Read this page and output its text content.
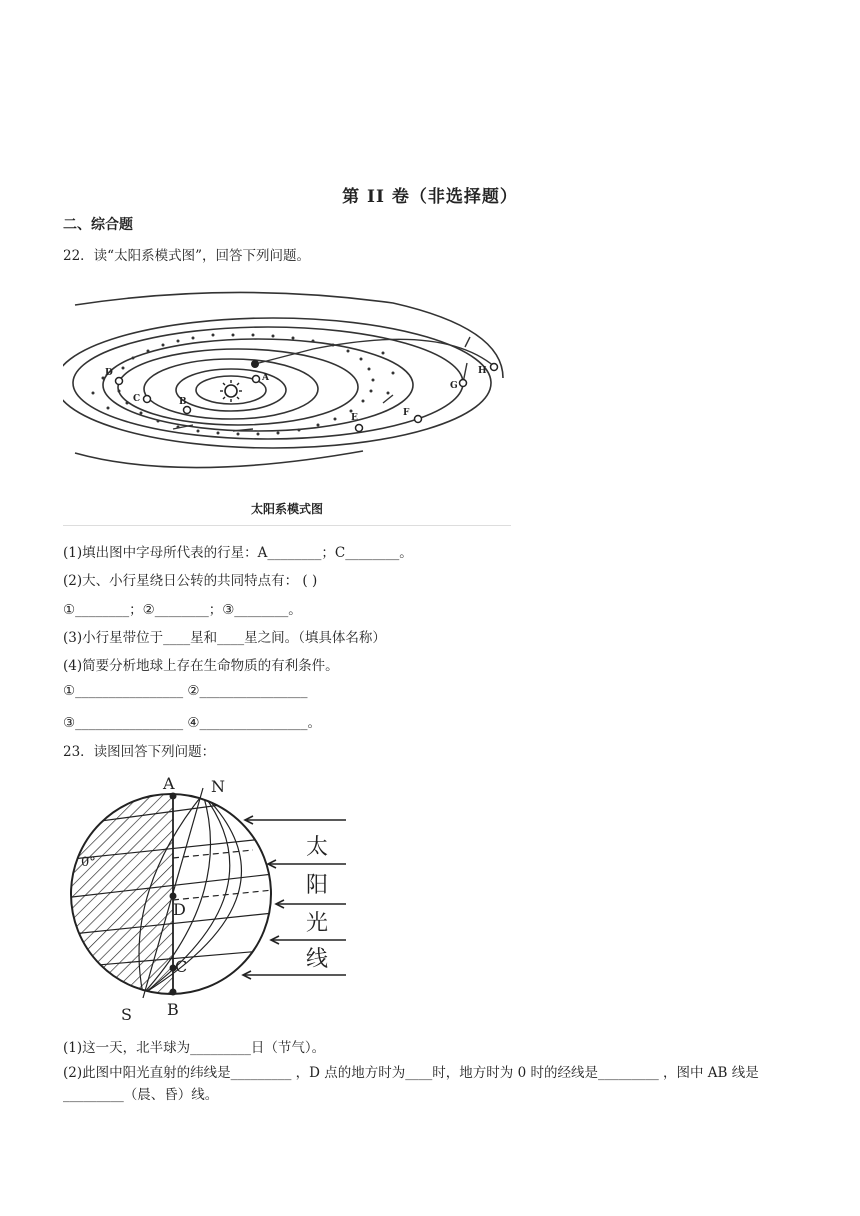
第 II 卷（非选择题）
二、综合题
22．读“太阳系模式图”，回答下列问题。
A
B
C
D
E	F
G
H
太阳系模式图
(1)填出图中字母所代表的行星：A________；C________。
(2)大、小行星绕日公转的共同特点有： ( )
①________；②________；③________。
(3)小行星带位于____星和____星之间。（填具体名称）
(4)简要分析地球上存在生命物质的有利条件。
①________________ ②________________
③________________ ④________________。
23．读图回答下列问题：
A N
D
C
S B
0°
太
阳
光
线
(1)这一天，北半球为_________日（节气）。
(2)此图中阳光直射的纬线是_________ ，D 点的地方时为____时，地方时为 0 时的经线是_________ ，图中 AB 线是_________（晨、昏）线。
